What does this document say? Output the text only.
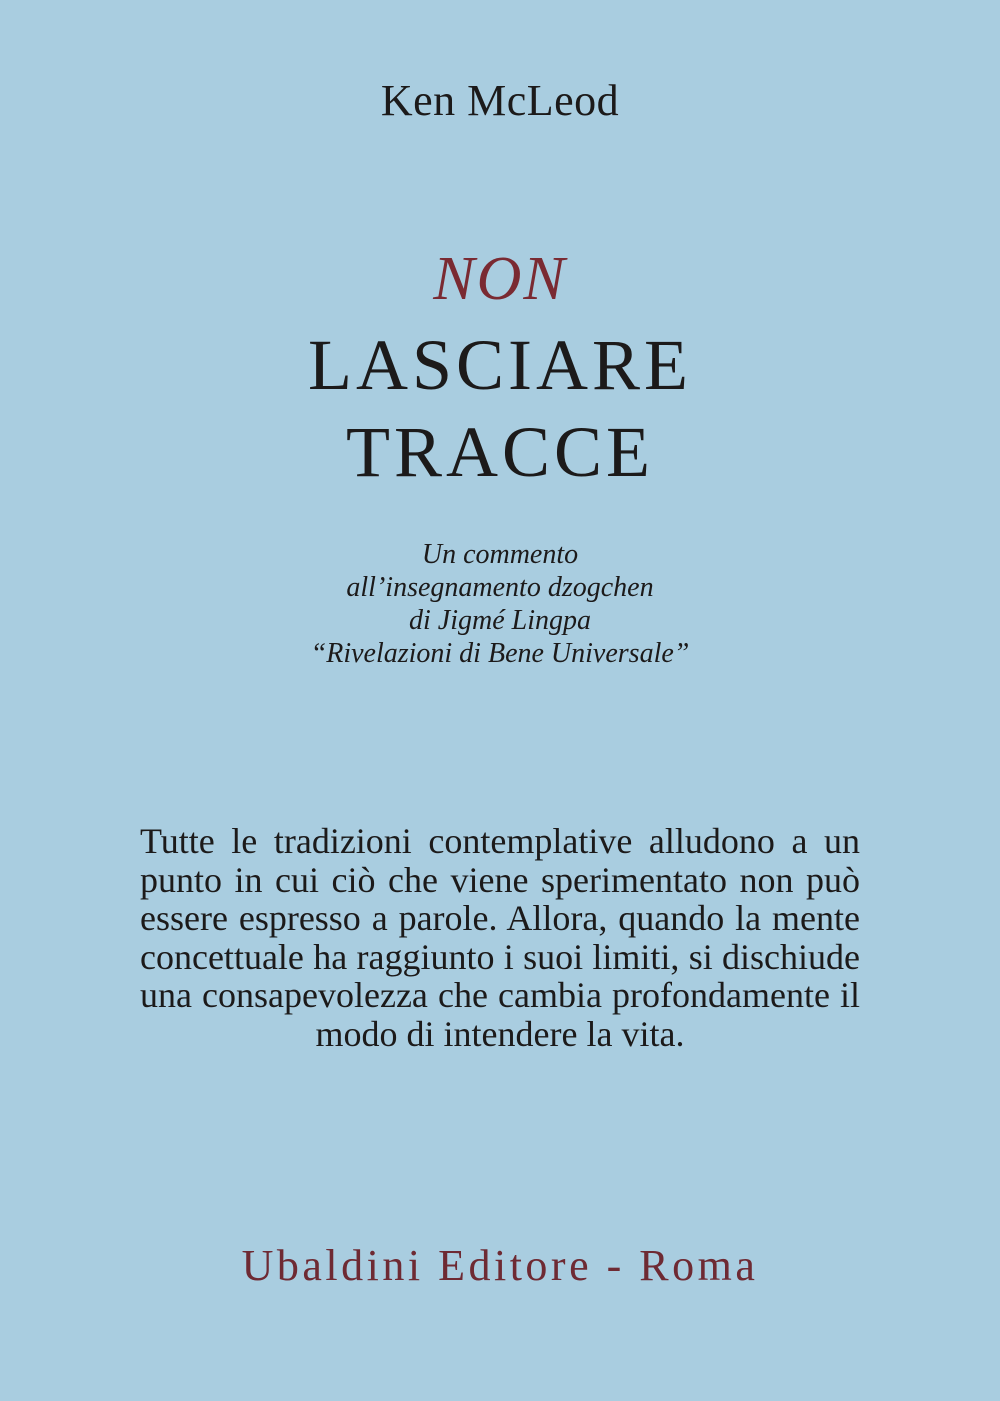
Ken McLeod

NON

LASCIARE

TRACCE

Un commento
all’insegnamento dzogchen
di Jigmé Lingpa
“Rivelazioni di Bene Universale”

Tutte le tradizioni contemplative alludono a un punto in cui ciò che viene sperimentato non può essere espresso a parole. Allora, quando la mente concettuale ha raggiunto i suoi limiti, si dischiude una consapevolezza che cambia profondamente il modo di intendere la vita.

Ubaldini Editore - Roma
